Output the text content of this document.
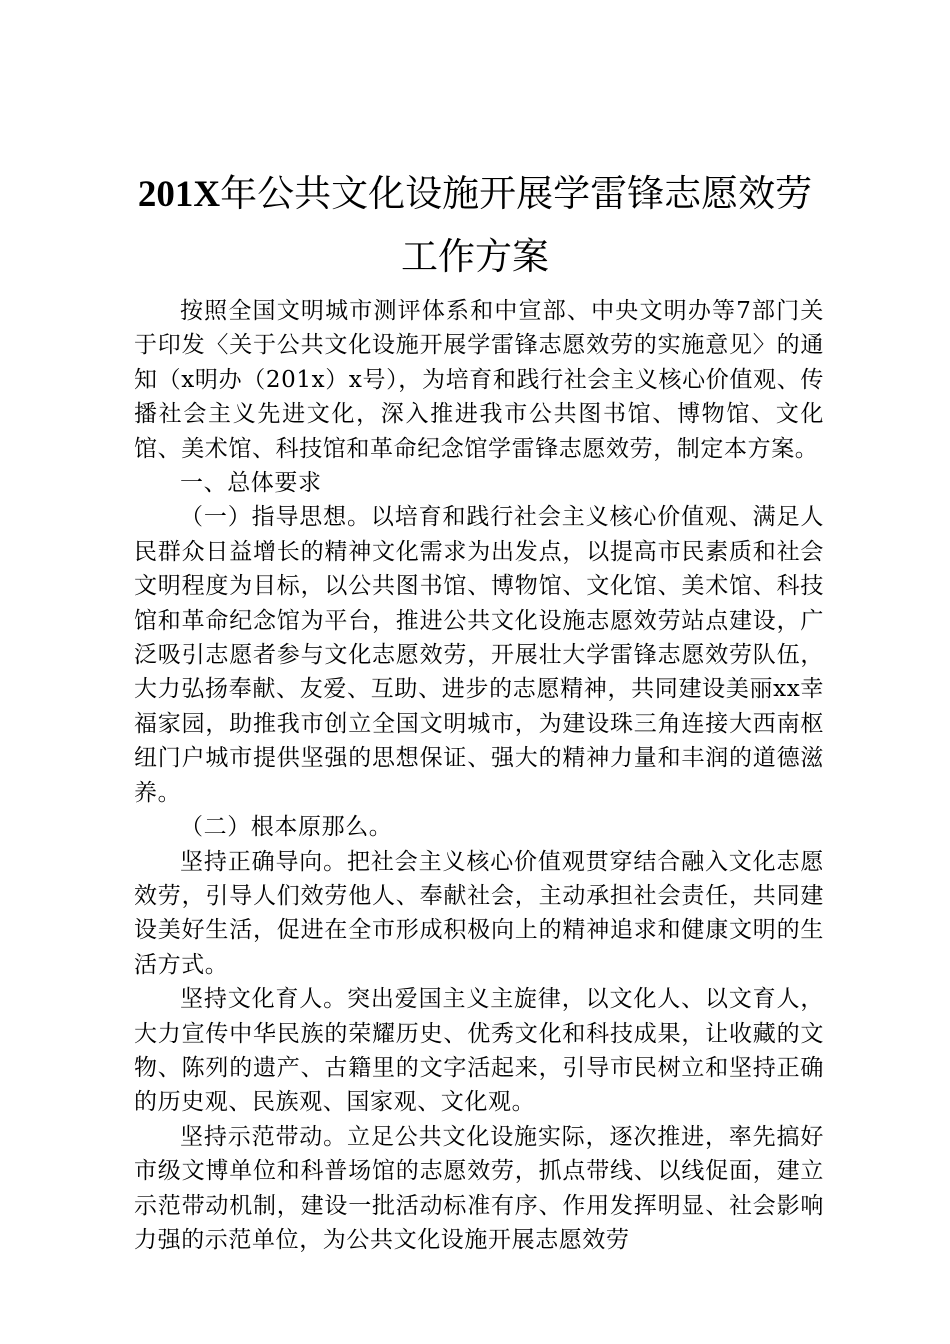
201X年公共文化设施开展学雷锋志愿效劳工作方案

按照全国文明城市测评体系和中宣部、中央文明办等7部门关于印发〈关于公共文化设施开展学雷锋志愿效劳的实施意见〉的通知（x明办（201x）x号），为培育和践行社会主义核心价值观、传播社会主义先进文化，深入推进我市公共图书馆、博物馆、文化馆、美术馆、科技馆和革命纪念馆学雷锋志愿效劳，制定本方案。

一、总体要求

（一）指导思想。以培育和践行社会主义核心价值观、满足人民群众日益增长的精神文化需求为出发点，以提高市民素质和社会文明程度为目标，以公共图书馆、博物馆、文化馆、美术馆、科技馆和革命纪念馆为平台，推进公共文化设施志愿效劳站点建设，广泛吸引志愿者参与文化志愿效劳，开展壮大学雷锋志愿效劳队伍，大力弘扬奉献、友爱、互助、进步的志愿精神，共同建设美丽xx幸福家园，助推我市创立全国文明城市，为建设珠三角连接大西南枢纽门户城市提供坚强的思想保证、强大的精神力量和丰润的道德滋养。

（二）根本原那么。

坚持正确导向。把社会主义核心价值观贯穿结合融入文化志愿效劳，引导人们效劳他人、奉献社会，主动承担社会责任，共同建设美好生活，促进在全市形成积极向上的精神追求和健康文明的生活方式。

坚持文化育人。突出爱国主义主旋律，以文化人、以文育人，大力宣传中华民族的荣耀历史、优秀文化和科技成果，让收藏的文物、陈列的遗产、古籍里的文字活起来，引导市民树立和坚持正确的历史观、民族观、国家观、文化观。

坚持示范带动。立足公共文化设施实际，逐次推进，率先搞好市级文博单位和科普场馆的志愿效劳，抓点带线、以线促面，建立示范带动机制，建设一批活动标准有序、作用发挥明显、社会影响力强的示范单位，为公共文化设施开展志愿效劳
